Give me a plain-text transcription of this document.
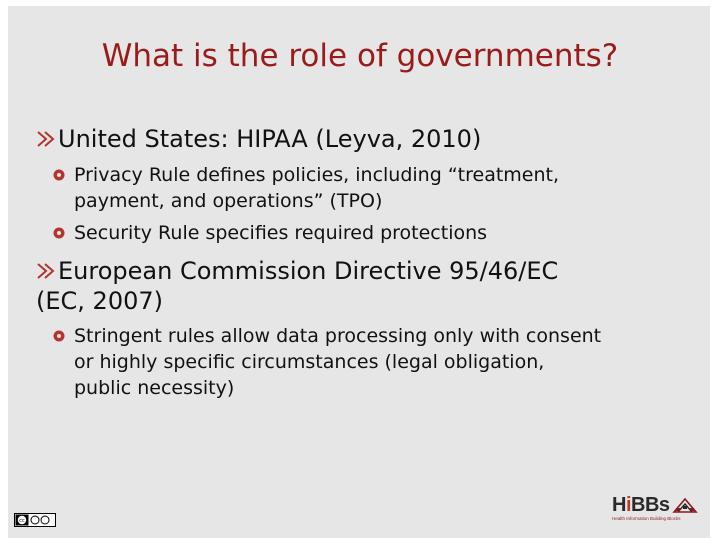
What is the role of governments?
United States: HIPAA (Leyva, 2010)
Privacy Rule defines policies, including “treatment,
payment, and operations” (TPO)
Security Rule specifies required protections
European Commission Directive 95/46/EC
(EC, 2007)
Stringent rules allow data processing only with consent
or highly specific circumstances (legal obligation,
public necessity)
cc
HiBBs
Health Information Building Blocks
